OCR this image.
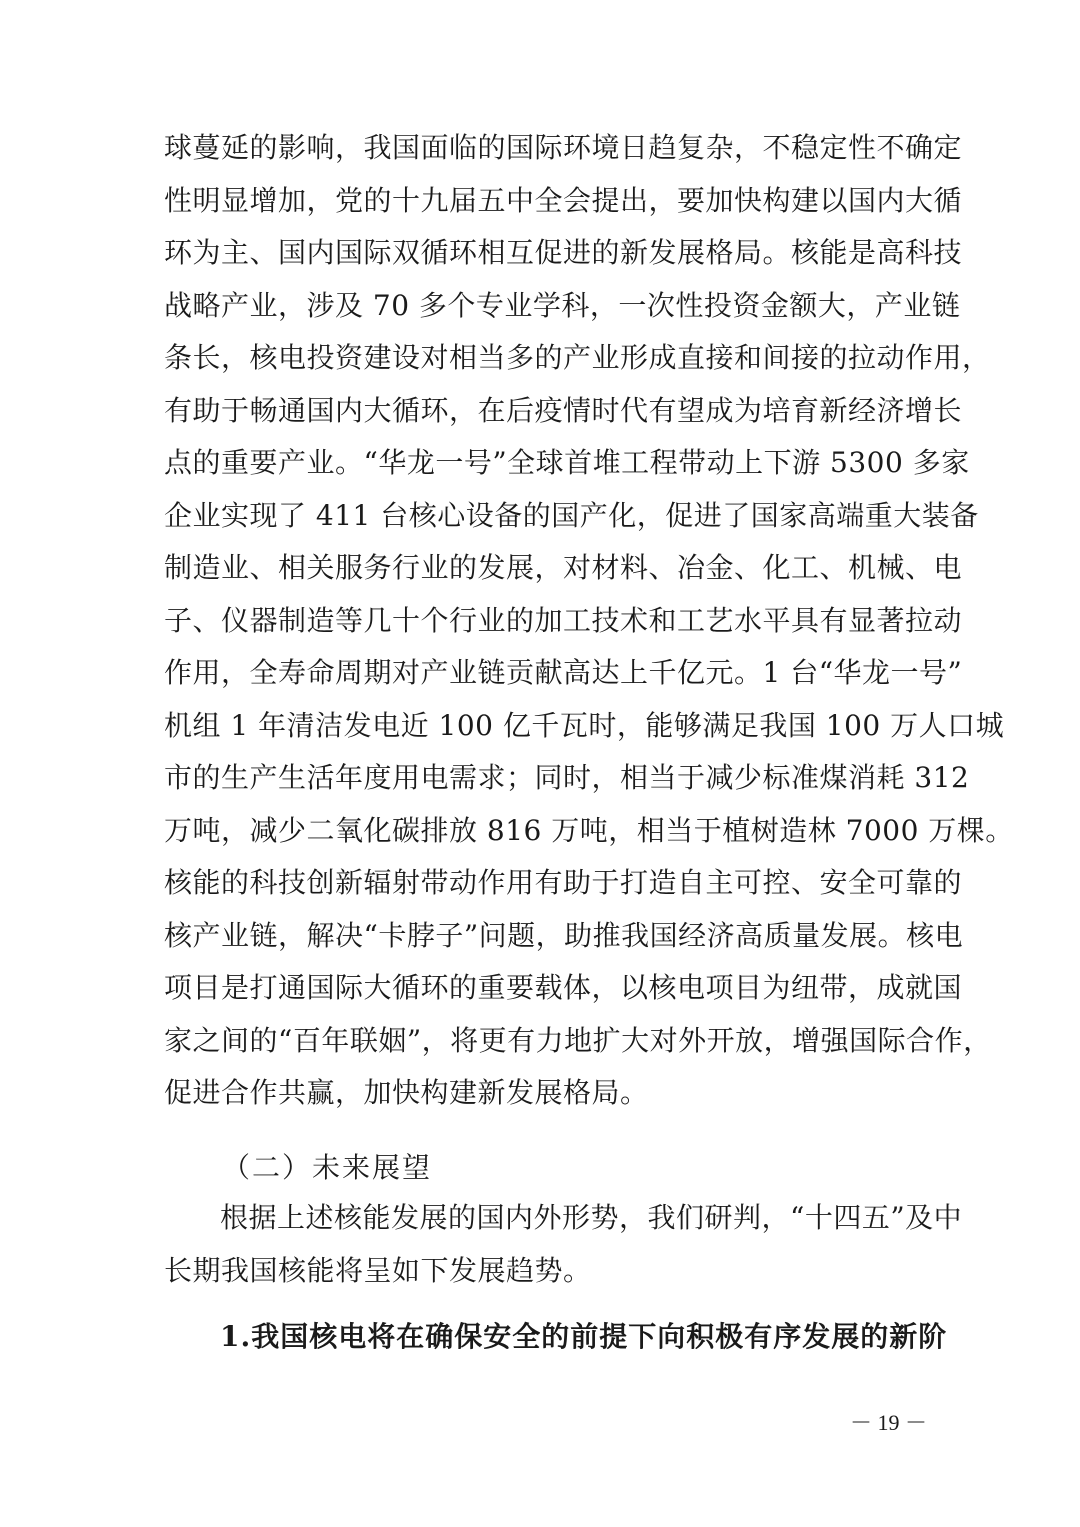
球蔓延的影响，我国面临的国际环境日趋复杂，不稳定性不确定
性明显增加，党的十九届五中全会提出，要加快构建以国内大循
环为主、国内国际双循环相互促进的新发展格局。核能是高科技
战略产业，涉及 70 多个专业学科，一次性投资金额大，产业链
条长，核电投资建设对相当多的产业形成直接和间接的拉动作用，
有助于畅通国内大循环，在后疫情时代有望成为培育新经济增长
点的重要产业。“华龙一号”全球首堆工程带动上下游 5300 多家
企业实现了 411 台核心设备的国产化，促进了国家高端重大装备
制造业、相关服务行业的发展，对材料、冶金、化工、机械、电
子、仪器制造等几十个行业的加工技术和工艺水平具有显著拉动
作用，全寿命周期对产业链贡献高达上千亿元。1 台“华龙一号”
机组 1 年清洁发电近 100 亿千瓦时，能够满足我国 100 万人口城
市的生产生活年度用电需求；同时，相当于减少标准煤消耗 312
万吨，减少二氧化碳排放 816 万吨，相当于植树造林 7000 万棵。
核能的科技创新辐射带动作用有助于打造自主可控、安全可靠的
核产业链，解决“卡脖子”问题，助推我国经济高质量发展。核电
项目是打通国际大循环的重要载体，以核电项目为纽带，成就国
家之间的“百年联姻”，将更有力地扩大对外开放，增强国际合作，
促进合作共赢，加快构建新发展格局。
（二）未来展望
根据上述核能发展的国内外形势，我们研判，“十四五”及中
长期我国核能将呈如下发展趋势。
1.我国核电将在确保安全的前提下向积极有序发展的新阶
－ 19 －
